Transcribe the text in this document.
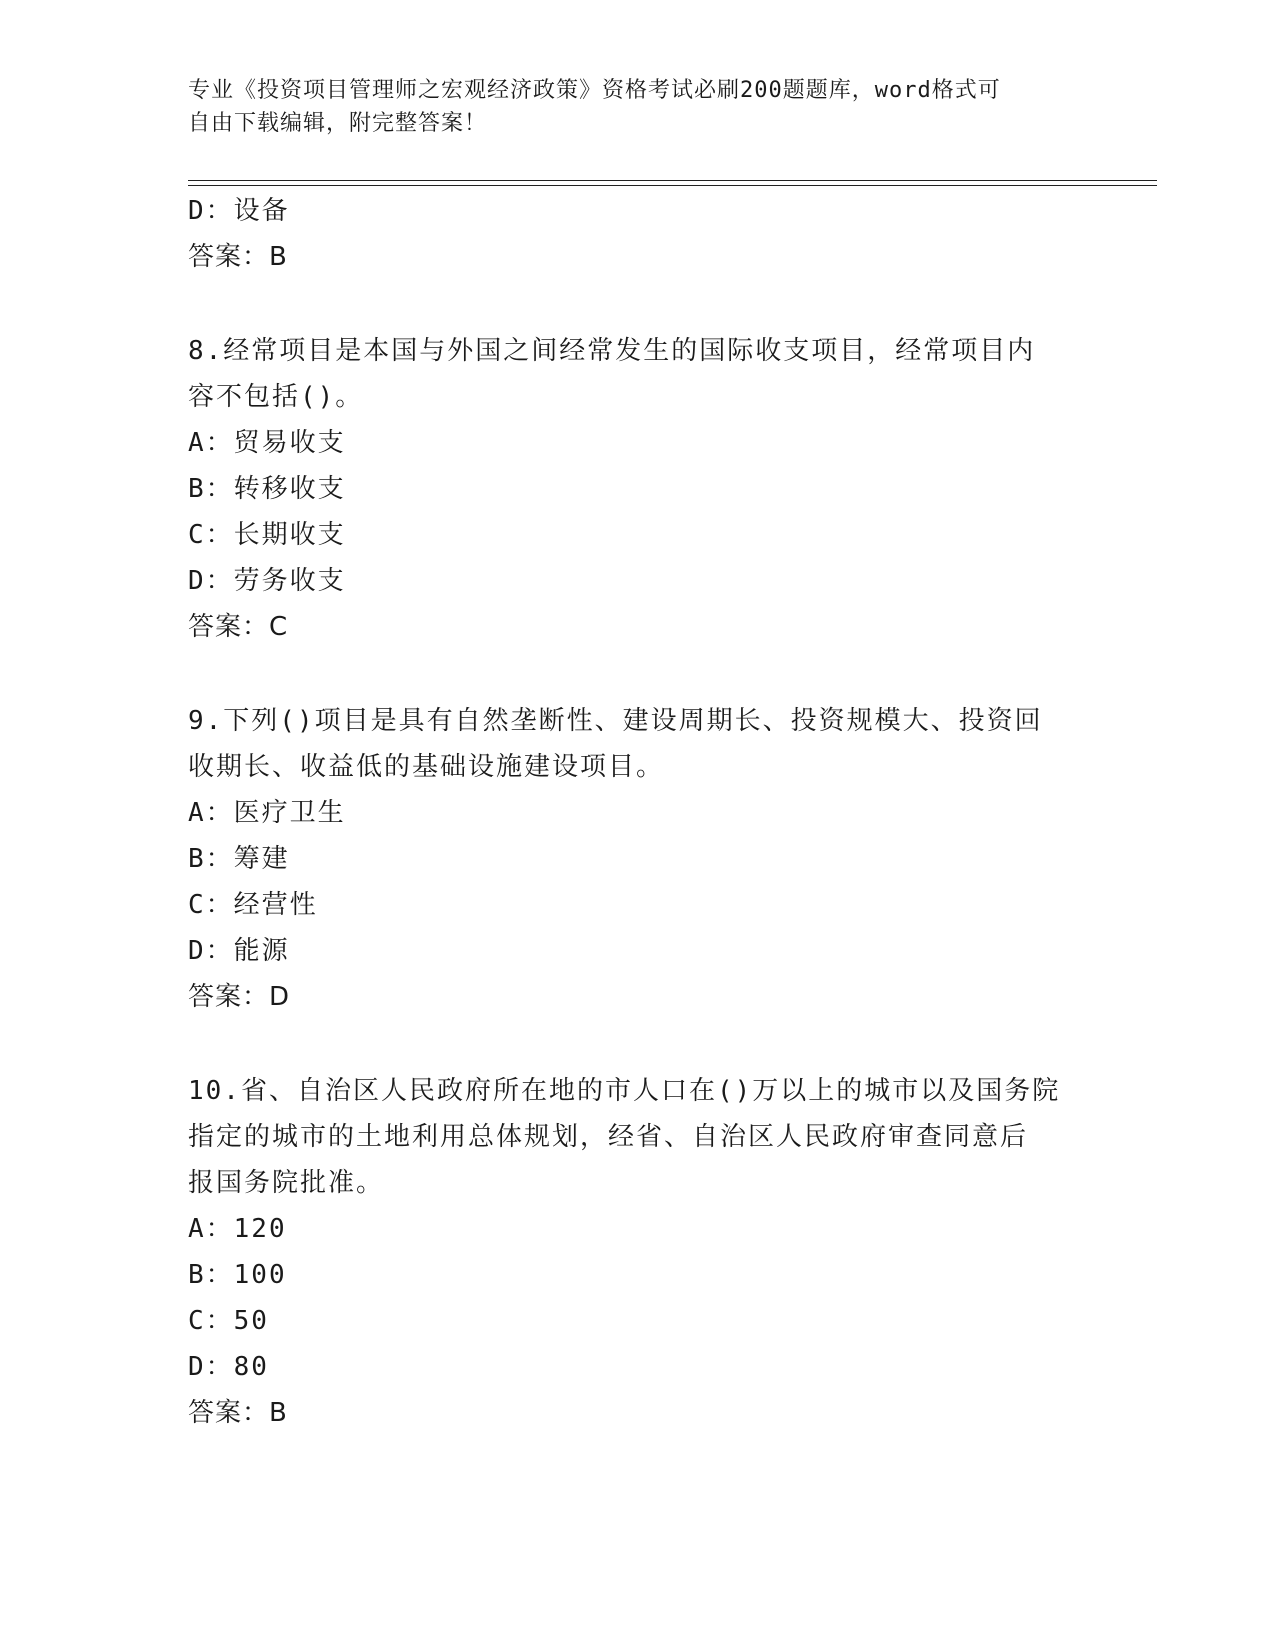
专业《投资项目管理师之宏观经济政策》资格考试必刷200题题库，word格式可
自由下载编辑，附完整答案！
D：设备
答案：B
8.经常项目是本国与外国之间经常发生的国际收支项目，经常项目内
容不包括()。
A：贸易收支
B：转移收支
C：长期收支
D：劳务收支
答案：C
9.下列()项目是具有自然垄断性、建设周期长、投资规模大、投资回
收期长、收益低的基础设施建设项目。
A：医疗卫生
B：筹建
C：经营性
D：能源
答案：D
10.省、自治区人民政府所在地的市人口在()万以上的城市以及国务院
指定的城市的土地利用总体规划，经省、自治区人民政府审查同意后
报国务院批准。
A：120
B：100
C：50
D：80
答案：B
